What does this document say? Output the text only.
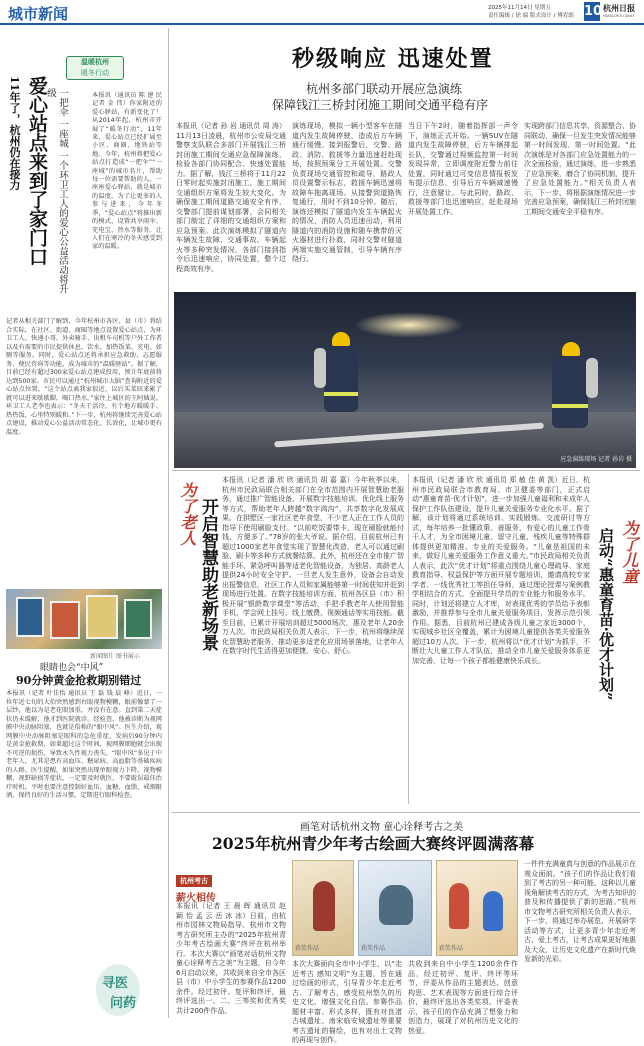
城市新闻	2025年11月14日 星期五
责任编辑 / 徐 瑞 版式设计 / 傅宥朗 10 杭州日报
HANGZHOU DAILY
温暖杭州
暖冬行动
11年了，杭州仍在接力 爱心站点来到了家门口 一把伞 一座城 一个环卫工人的爱心公益活动将升级	本报讯（通讯员 陈 建 民 记者 金 伟）你家附近的爱心驿站，有新变化了！从2014年起，杭州市开展了“暖冬行动”，11年来，爱心站点已经扩展至小区、商圈、地铁站等地。今年，杭州将把爱心站点打造成“一把伞”“一座城”的城市名片，帮助每一位需要帮助的人。一座座爱心驿站，就是城市的温度。为了让更多的人参与进来，今年冬季，“爱心站点”将推出新的模式，设置共享雨伞、充电宝、热水等服务。让人们在寒冷的冬天感受到家的温暖。
记者从相关部门了解到，今年杭州市各区、县（市）将结合实际，在社区、街道、商圈等地点设置爱心站点，为环卫工人、快递小哥、外卖骑手、出租车司机等户外工作者以及有需要的市民提供休息、饮水、加热饭菜、充电、如厕等服务。同时，爱心站点还将承担应急救助、志愿服务、便民咨询等功能，成为城市的“温暖驿站”。据了解，目前已经有超过300家爱心站点建成投用，预计年底前将达到500家。市民可以通过“杭州城市大脑”查询附近的爱心站点位置。“这个站点离我家很近，以后买菜回来累了就可以进来歇歇脚，喝口热水。”家住上城区的王阿姨说。环卫工人老李也表示：“冬天干活冷，有个地方暖暖手、热热饭，心里特别暖和。”下一步，杭州将继续完善爱心站点建设，推动爱心公益活动常态化、长效化，让城市更有温度。
新闻图片 图书展示
眼睛也会“中风”
90分钟黄金抢救期别错过
本报讯（记者 叶佳怡 通讯员 王 磊 钱 晨 峰）近日，一位年近七旬的大伯突然感到右眼视物模糊，眼前像蒙了一层纱，他以为是老花眼加重，并没有在意。直到第二天症状仍未缓解，他才到医院就诊。经检查，他被诊断为视网膜中央动脉阻塞，也就是俗称的“眼中风”。医生介绍，视网膜中央动脉阻塞是眼科的急危重症，发病后90分钟内是黄金抢救期，如果超过这个时间，视网膜细胞就会出现不可逆的损伤，导致永久性视力丧失。“眼中风”多见于中老年人，尤其是患有高血压、糖尿病、高血脂等基础疾病的人群。医生提醒，如果突然出现单眼视力下降、视物模糊、视野缺损等症状，一定要及时就医，不要耽误最佳治疗时机。平时也要注意控制好血压、血糖、血脂，戒烟限酒，保持良好的生活习惯，定期进行眼科检查。
寻医
问药
秒级响应 迅速处置
杭州多部门联动开展应急演练
保障钱江三桥封闭施工期间交通平稳有序
本报讯（记者 孙 岩 通讯员 周 涛）11月13日凌晨，杭州市公安局交通警察支队联合多部门开展钱江三桥封闭施工期间交通应急保障演练，检验各部门协同配合、快速处置能力。据了解，钱江三桥将于11月22日零时起实施封闭施工，施工期间交通组织方案将发生较大变化。为确保施工期间道路交通安全有序，交警部门提前谋划部署，会同相关部门制定了详细的交通组织方案和应急预案。此次演练模拟了隧道内车辆发生故障、交通事故、车辆起火等多种突发情况，各部门接到指令后迅速响应，协同处置，整个过程高效有序。
演练现场，模拟一辆小型客车在隧道内发生故障停驶，造成后方车辆通行缓慢。接到报警后，交警、路政、消防、救援等力量迅速赶赴现场，按照预案分工开展处置。交警负责现场交通管控和疏导，路政人员设置警示标志，救援车辆迅速将故障车拖离现场。从接警到道路恢复通行，用时不到10分钟。随后，演练还模拟了隧道内发生车辆起火的情况，消防人员迅速出动，利用隧道内的消防设施和随车携带的灭火器材进行扑救，同时交警对隧道两端实施交通管制，引导车辆有序绕行。
当日下午2时，随着指挥部一声令下，演练正式开始。一辆SUV在隧道内发生故障停驶，后方车辆排起长队，交警通过视频监控第一时间发现异常，立即调度附近警力前往处置，同时通过可变信息情报板发布提示信息，引导后方车辆减速慢行，注意避让。与此同时，路政、救援等部门也迅速响应，赶赴现场开展处置工作。
实现跨部门信息共享、资源整合、协同联动，确保一旦发生突发情况能够第一时间发现、第一时间处置。“此次演练是对各部门应急处置能力的一次全面检验，通过演练，进一步熟悉了应急预案，磨合了协同机制，提升了应急处置能力。”相关负责人表示，下一步，将根据演练情况进一步完善应急预案，确保钱江三桥封闭施工期间交通安全平稳有序。
应急演练现场 记者 孙岩 摄
为了老人 开启智慧助老新场景
本报讯（记者 潘 欣 欣 通讯员 胡 嘉 嘉）今年秋季以来，杭州市民政局联合相关部门在全市范围内开展智慧助老服务，通过推广智能设备、开展数字技能培训、优化线上服务等方式，帮助老年人跨越“数字鸿沟”，共享数字化发展成果。在拱墅区一家社区老年食堂，不少老人正在工作人员的指导下使用刷脸支付。“以前吃饭要带卡，现在刷脸就能付钱，方便多了。”78岁的张大爷说。据介绍，目前杭州已有超过1000家老年食堂实现了智慧化改造，老人可以通过刷脸、刷卡等多种方式就餐结算。此外，杭州还在全市推广智能手环、紧急呼叫器等适老化智能设备，为独居、高龄老人提供24小时安全守护。一旦老人发生意外，设备会自动发出报警信息，社区工作人员和家属能够第一时间获知并赶到现场进行处置。在数字技能培训方面，杭州各区县（市）积极开展“银龄数字课堂”等活动，手把手教老年人使用智能手机，学会网上挂号、线上缴费、视频通话等实用技能。截至目前，已累计开展培训超过5000场次，惠及老年人20余万人次。市民政局相关负责人表示，下一步，杭州将继续深化智慧助老服务，推动更多适老化应用场景落地，让老年人在数字时代生活得更加便捷、安心、舒心。
本报讯（记者 潘 欣 欣 通讯员 郑 敏 佳 黄 凯）近日，杭州市民政局联合市教育局、市卫健委等部门，正式启动“惠童育苗·优才计划”，进一步加强儿童福利和未成年人保护工作队伍建设，提升儿童关爱服务专业化水平。据了解，该计划将通过系统培训、实践锻炼、交流研讨等方式，每年培养一批懂政策、善服务、有爱心的儿童工作骨干人才，为全市困境儿童、留守儿童、残疾儿童等特殊群体提供更加精准、专业的关爱服务。“儿童是祖国的未来，做好儿童关爱服务工作意义重大。”市民政局相关负责人表示，此次“优才计划”将重点围绕儿童心理疏导、家庭教育指导、权益保护等方面开展专题培训，邀请高校专家学者、一线优秀社工等担任导师，通过理论授课与案例教学相结合的方式，全面提升学员的专业能力和服务水平。同时，计划还将建立人才库，对表现优秀的学员给予表彰激励，并推荐参与全市儿童关爱服务项目，发挥示范引领作用。据悉，目前杭州已建成各级儿童之家近3000个，实现城乡社区全覆盖，累计为困境儿童提供各类关爱服务超过10万人次。下一步，杭州将以“优才计划”为抓手，不断壮大儿童工作人才队伍，推动全市儿童关爱服务体系更加完善，让每一个孩子都能健康快乐成长。	启动“惠童育苗·优才计划” 为了儿童
画笔对话杭州文物 童心诠释考古之美
2025年杭州青少年考古绘画大赛终评圆满落幕
杭州考古
薪火相传
本报讯（记者 王 晨 晖 通讯员 赵 颖 怡 孟 云 岳 冰 冰）日前，由杭州市园林文物局指导、杭州市文物考古研究所主办的“2025年杭州青少年考古绘画大赛”终评在杭州举行。本次大赛以“画笔对话杭州文物 童心诠释考古之美”为主题，自今年6月启动以来，共收到来自全市各区县（市）中小学生的参赛作品1200余件。经过初评、复评和终评，最终评选出一、二、三等奖和优秀奖共计200件作品。
本次大赛面向全市中小学生，以“走近考古 感知文明”为主题，旨在通过绘画的形式，引导青少年走近考古、了解考古，感受杭州悠久的历史文化，增强文化自信。参赛作品题材丰富、形式多样，既有对良渚古城遗址、南宋临安城遗址等重要考古遗址的描绘，也有对出土文物的再现与创作。
共收到来自中小学生1200余件作品，经过初评、复评、终评等环节，评委从作品的主题表达、创意构思、艺术表现等方面进行综合评价，最终评选出各类奖项。评委表示，孩子们的作品充满了想象力和创造力，展现了对杭州历史文化的热爱。
一件件充满童真与创意的作品展示在观众面前。“孩子们的作品让我们看到了考古的另一种可能，这种以儿童视角解读考古的方式，为考古知识的普及和传播提供了新的思路。”杭州市文物考古研究所相关负责人表示，下一步，将通过举办展览、开展研学活动等方式，让更多青少年走近考古、爱上考古，让考古成果更好地惠及大众，让历史文化遗产在新时代焕发新的光彩。
获奖作品	获奖作品	获奖作品
